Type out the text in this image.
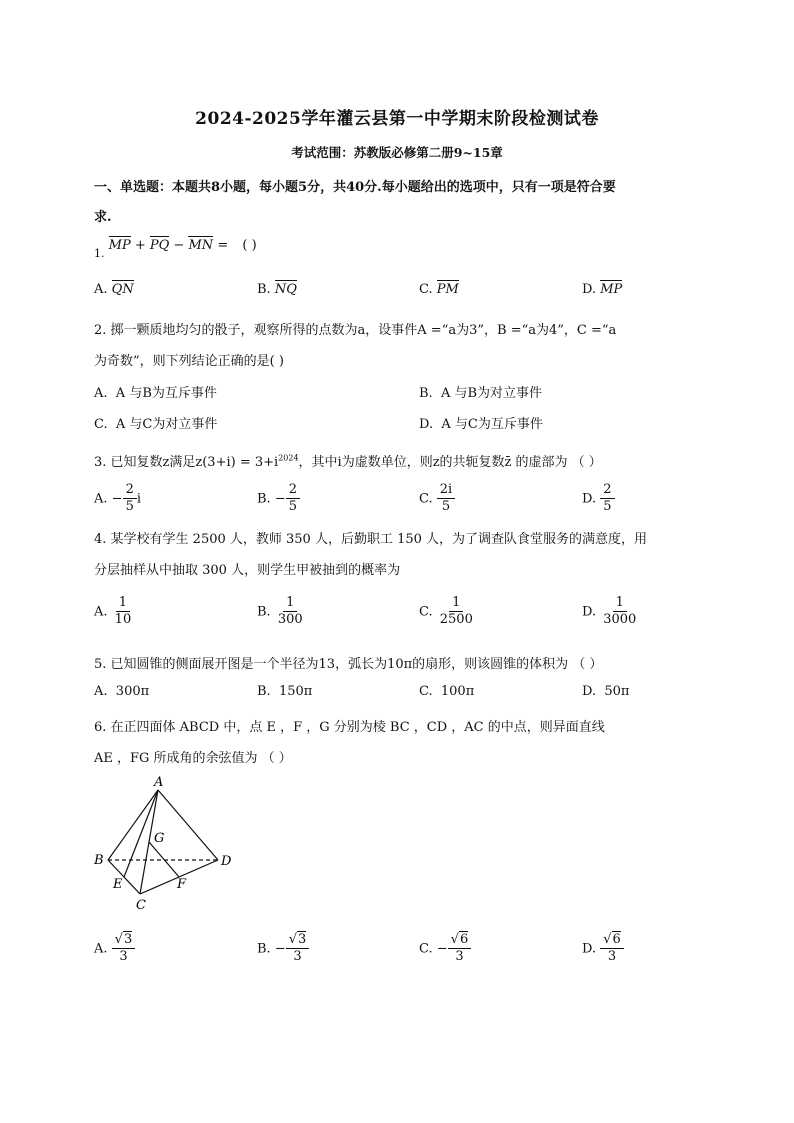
2024-2025学年灌云县第一中学期末阶段检测试卷
考试范围：苏教版必修第二册9~15章
一、单选题：本题共8小题，每小题5分，共40分.每小题给出的选项中，只有一项是符合要
求.
$_{1.}$ MP + PQ − MN = ( )
A. QN	B. NQ	C. PM	D. MP
2. 掷一颗质地均匀的骰子，观察所得的点数为a，设事件A =“a为3”，B =“a为4”，C =“a
为奇数”，则下列结论正确的是( )
A. A 与B为互斥事件	B. A 与B为对立事件
C. A 与C为对立事件	D. A 与C为互斥事件
3. 已知复数z满足$z(3+i) = 3+i^{2024}$，其中i为虚数单位，则z的共轭复数z̄ 的虚部为 （ ）
A. − $\frac{2}{5}$ i	B. − $\frac{2}{5}$	C. $\frac{2i}{5}$	D. $\frac{2}{5}$
4. 某学校有学生 2500 人，教师 350 人，后勤职工 150 人，为了调查队食堂服务的满意度，用
分层抽样从中抽取 300 人，则学生甲被抽到的概率为
A. $\frac{1}{10}$	B. $\frac{1}{300}$	C. $\frac{1}{2500}$	D. $\frac{1}{3000}$
5. 已知圆锥的侧面展开图是一个半径为13，弧长为10π的扇形，则该圆锥的体积为 （ ）
A. 300π	B. 150π	C. 100π	D. 50π
6. 在正四面体 ABCD 中，点 E ，F ，G 分别为棱 BC ，CD ，AC 的中点，则异面直线
AE ，FG 所成角的余弦值为 （ ）
A
B
C
D
E	F
G
A. $\frac{√3}{3}$	B. − $\frac{√3}{3}$	C. − $\frac{√6}{3}$	D. $\frac{√6}{3}$
